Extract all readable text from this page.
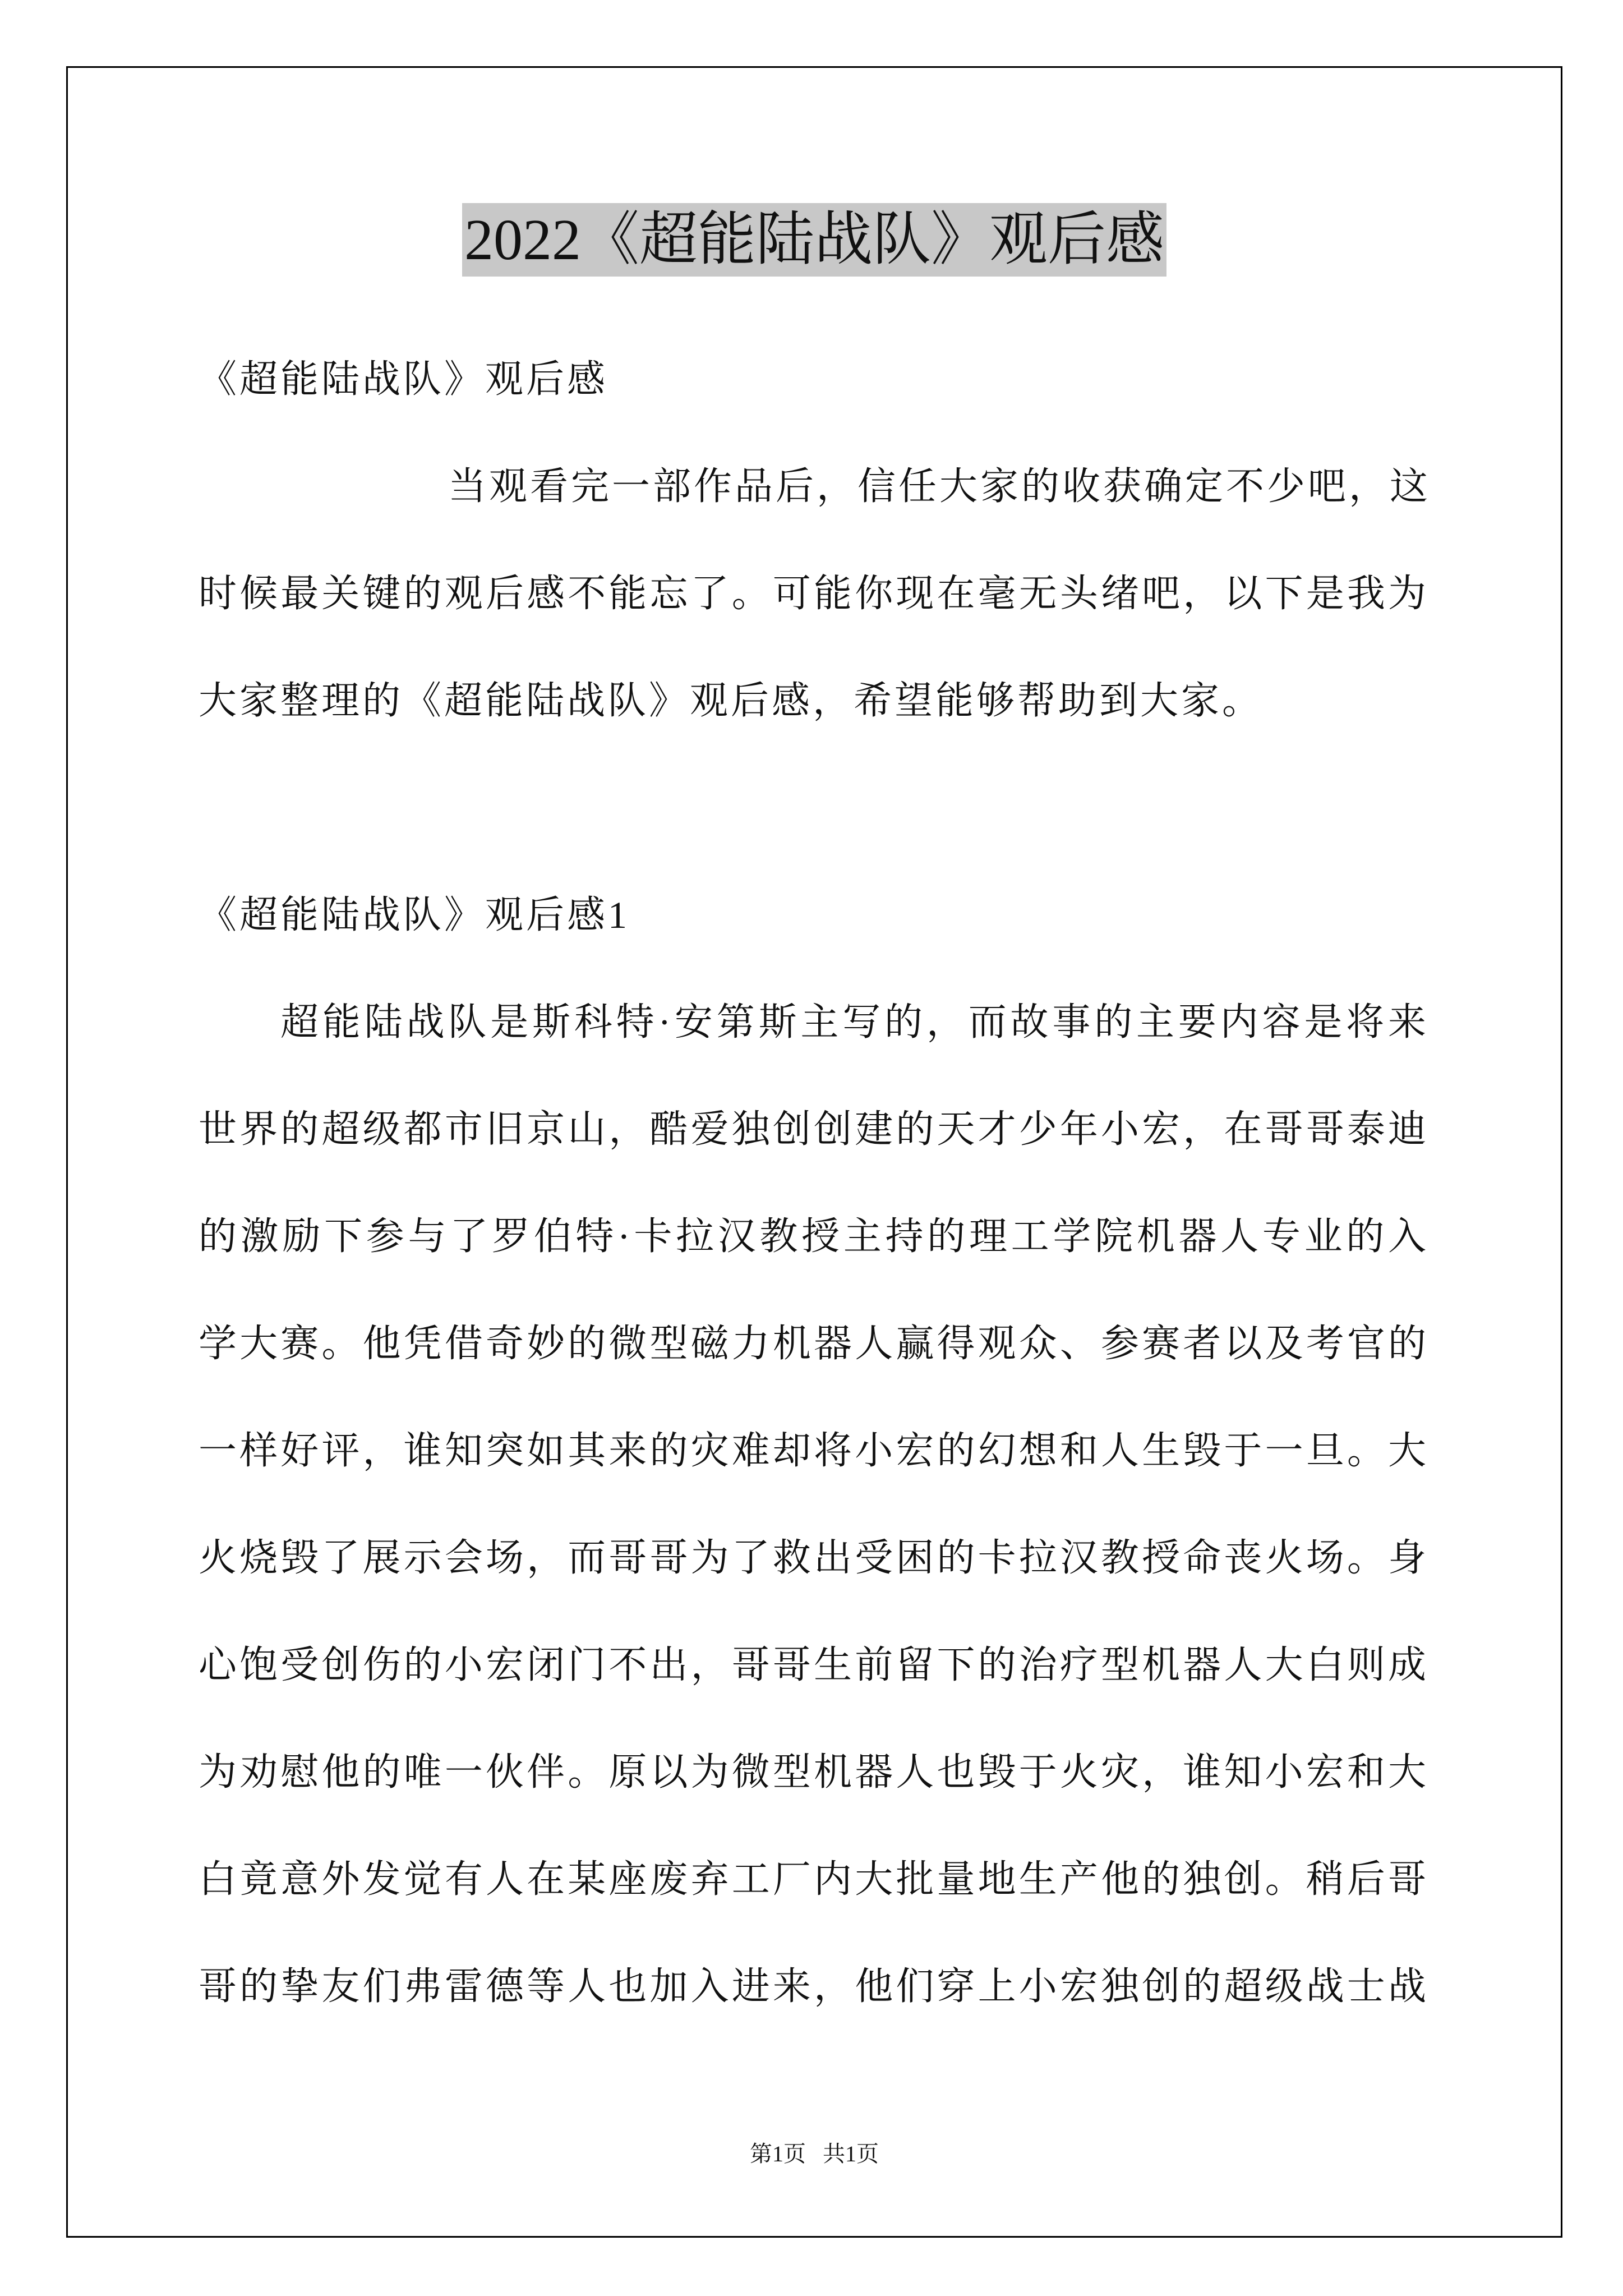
2022《超能陆战队》观后感
《超能陆战队》观后感
当观看完一部作品后，信任大家的收获确定不少吧，这
时候最关键的观后感不能忘了。可能你现在毫无头绪吧，以下是我为
大家整理的《超能陆战队》观后感，希望能够帮助到大家。
《超能陆战队》观后感1
超能陆战队是斯科特·安第斯主写的，而故事的主要内容是将来
世界的超级都市旧京山，酷爱独创创建的天才少年小宏，在哥哥泰迪
的激励下参与了罗伯特·卡拉汉教授主持的理工学院机器人专业的入
学大赛。他凭借奇妙的微型磁力机器人赢得观众、参赛者以及考官的
一样好评，谁知突如其来的灾难却将小宏的幻想和人生毁于一旦。大
火烧毁了展示会场，而哥哥为了救出受困的卡拉汉教授命丧火场。身
心饱受创伤的小宏闭门不出，哥哥生前留下的治疗型机器人大白则成
为劝慰他的唯一伙伴。原以为微型机器人也毁于火灾，谁知小宏和大
白竟意外发觉有人在某座废弃工厂内大批量地生产他的独创。稍后哥
哥的挚友们弗雷德等人也加入进来，他们穿上小宏独创的超级战士战
第1页   共1页
